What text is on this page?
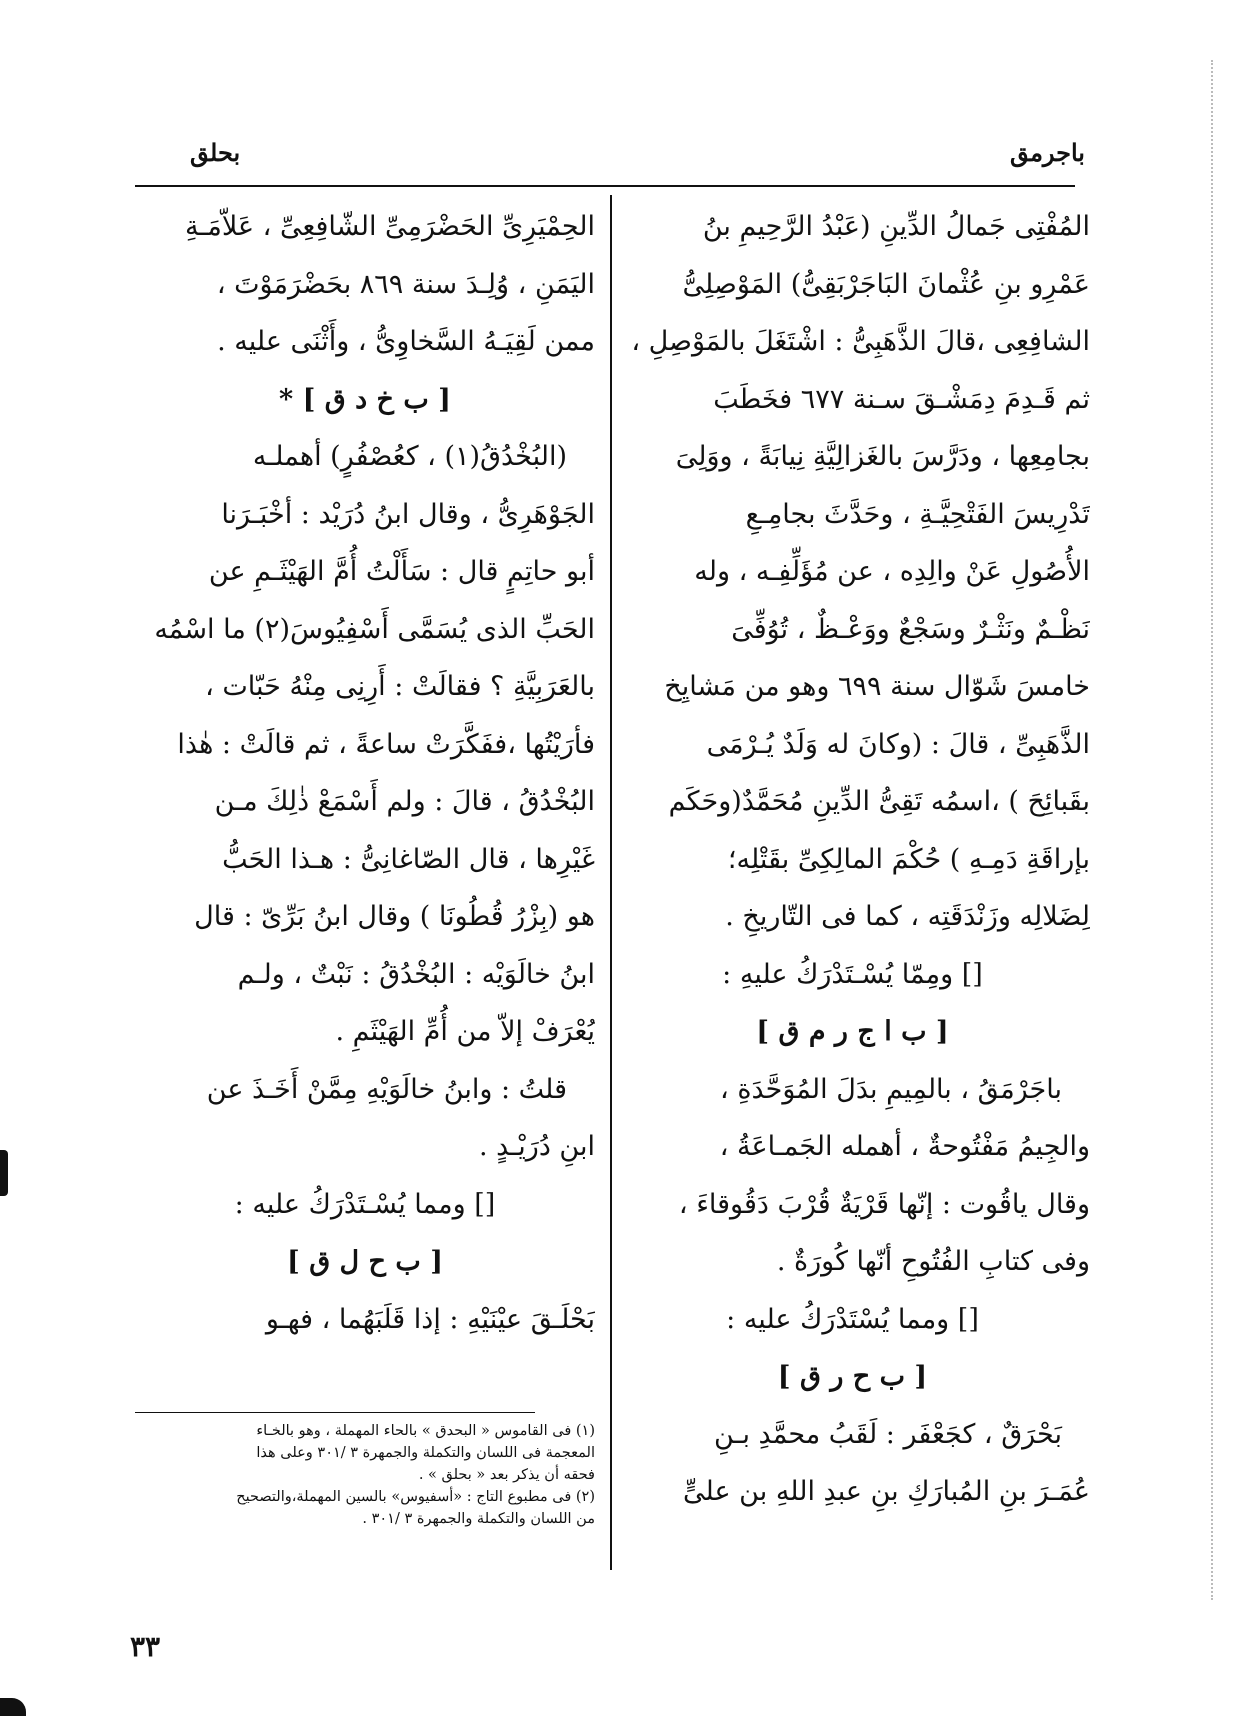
باجرمق
بحلق
المُفْتِى جَمالُ الدِّينِ (عَبْدُ الرَّحِيمِ بنُ
عَمْرِو بنِ عُثْمانَ البَاجَرْبَقِىُّ) المَوْصِلِىُّ
الشافِعِى ،قالَ الذَّهَبِىُّ : اشْتَغَلَ بالمَوْصِلِ ،
ثم قَـدِمَ دِمَشْـقَ سـنة ٦٧٧ فخَطَبَ
بجامِعِها ، ودَرَّسَ بالغَزالِيَّةِ نِيابَةً ، ووَلِىَ
تَدْرِيسَ الفَتْحِيَّـةِ ، وحَدَّثَ بجامِـعِ
الأُصُولِ عَنْ والِدِه ، عن مُؤَلِّفِـه ، وله
نَظْـمٌ ونَثْـرٌ وسَجْعٌ ووَعْـظٌ ، تُوُفِّىَ
خامسَ شَوّال سنة ٦٩٩ وهو من مَشايِخ
الذَّهَبِىِّ ، قالَ : (وكانَ له وَلَدٌ يُـرْمَى
بقَبائِحَ ) ،اسمُه تَقِىُّ الدِّينِ مُحَمَّدٌ(وحَكَم
بإراقَةِ دَمِـهِ ) حُكْمَ المالِكِىِّ بقَتْلِه؛
لِضَلالِه وزَنْدَقَتِه ، كما فى التّاريخِ .
[] ومِمّا يُسْـتَدْرَكُ عليهِ :
[ ب ا ج ر م ق ]
باجَرْمَقُ ، بالمِيمِ بدَلَ المُوَحَّدَةِ ،
والجِيمُ مَفْتُوحةٌ ، أهمله الجَمـاعَةُ ،
وقال ياقُوت : إنّها قَرْيَةٌ قُرْبَ دَقُوقاءَ ،
وفى كتابِ الفُتُوحِ أنّها كُورَةٌ .
[] ومما يُسْتَدْرَكُ عليه :
[ ب ح ر ق ]
بَحْرَقٌ ، كجَعْفَر : لَقَبُ محمَّدِ بـنِ
عُمَـرَ بنِ المُبارَكِ بنِ عبدِ اللهِ بن علىٍّ
الحِمْيَرِىِّ الحَضْرَمِىِّ الشّافِعِىِّ ، عَلاّمَـةِ
اليَمَنِ ، وُلِـدَ سنة ٨٦٩ بحَضْرَمَوْتَ ،
ممن لَقِيَـهُ السَّخاوِىُّ ، وأَثْنَى عليه .
[ ب خ د ق ] *
(البُخْدُقُ(١) ، كعُصْفُرٍ) أهملـه
الجَوْهَرِىُّ ، وقال ابنُ دُرَيْد : أخْبَـرَنا
أبو حاتِمٍ قال : سَأَلْتُ أُمَّ الهَيْثَـمِ عن
الحَبِّ الذى يُسَمَّى أَسْفِيُوسَ(٢) ما اسْمُه
بالعَرَبِيَّةِ ؟ فقالَتْ : أَرِنِى مِنْهُ حَبّات ،
فأرَيْتُها ،ففَكَّرَتْ ساعةً ، ثم قالَتْ : هٰذا
البُخْدُقُ ، قالَ : ولم أَسْمَعْ ذٰلِكَ مـن
غَيْرِها ، قال الصّاغانِىُّ : هـذا الحَبُّ
هو (بِزْرُ قُطُونَا ) وقال ابنُ بَرِّىّ : قال
ابنُ خالَوَيْه : البُخْدُقُ : نَبْتٌ ، ولـم
يُعْرَفْ إلاّ من أُمِّ الهَيْثَمِ .
قلتُ : وابنُ خالَوَيْهِ مِمَّنْ أَخَـذَ عن
ابنِ دُرَيْـدٍ .
[] ومما يُسْـتَدْرَكُ عليه :
[ ب ح ل ق ]
بَحْلَـقَ عيْنَيْهِ : إذا قَلَبَهُما ، فهـو
(١) فى القاموس « البحدق » بالحاء المهملة ، وهو بالخـاء
المعجمة فى اللسان والتكملة والجمهرة ٣ /٣٠١ وعلى هذا
فحقه أن يذكر بعد « بحلق » .
(٢) فى مطبوع التاج : «أسفيوس» بالسين المهملة،والتصحيح
من اللسان والتكملة والجمهرة ٣ /٣٠١ .
٣٣
